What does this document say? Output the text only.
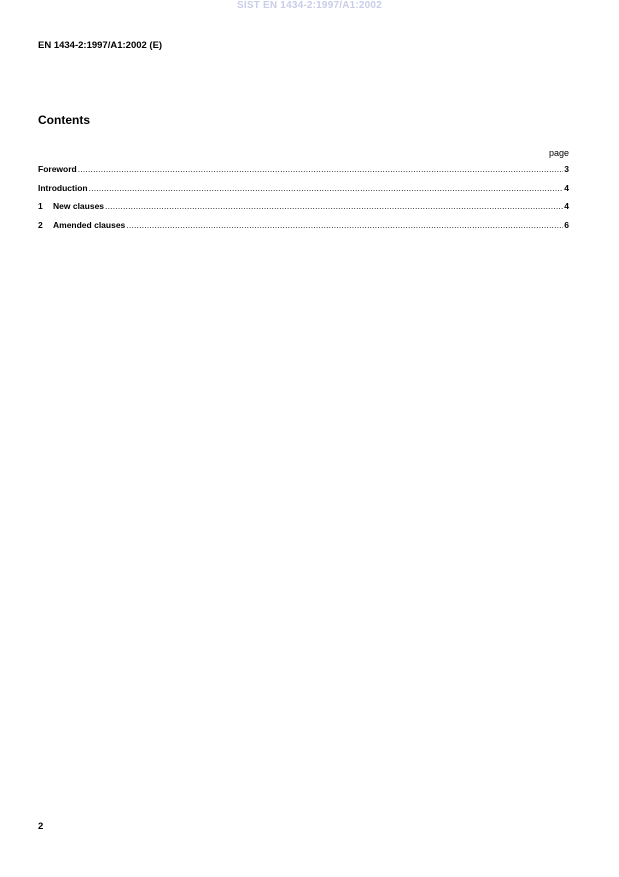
SIST EN 1434-2:1997/A1:2002
EN 1434-2:1997/A1:2002 (E)
Contents
page
Foreword .....	3
Introduction .....	4
1	New clauses .....	4
2	Amended clauses .....	6
2
